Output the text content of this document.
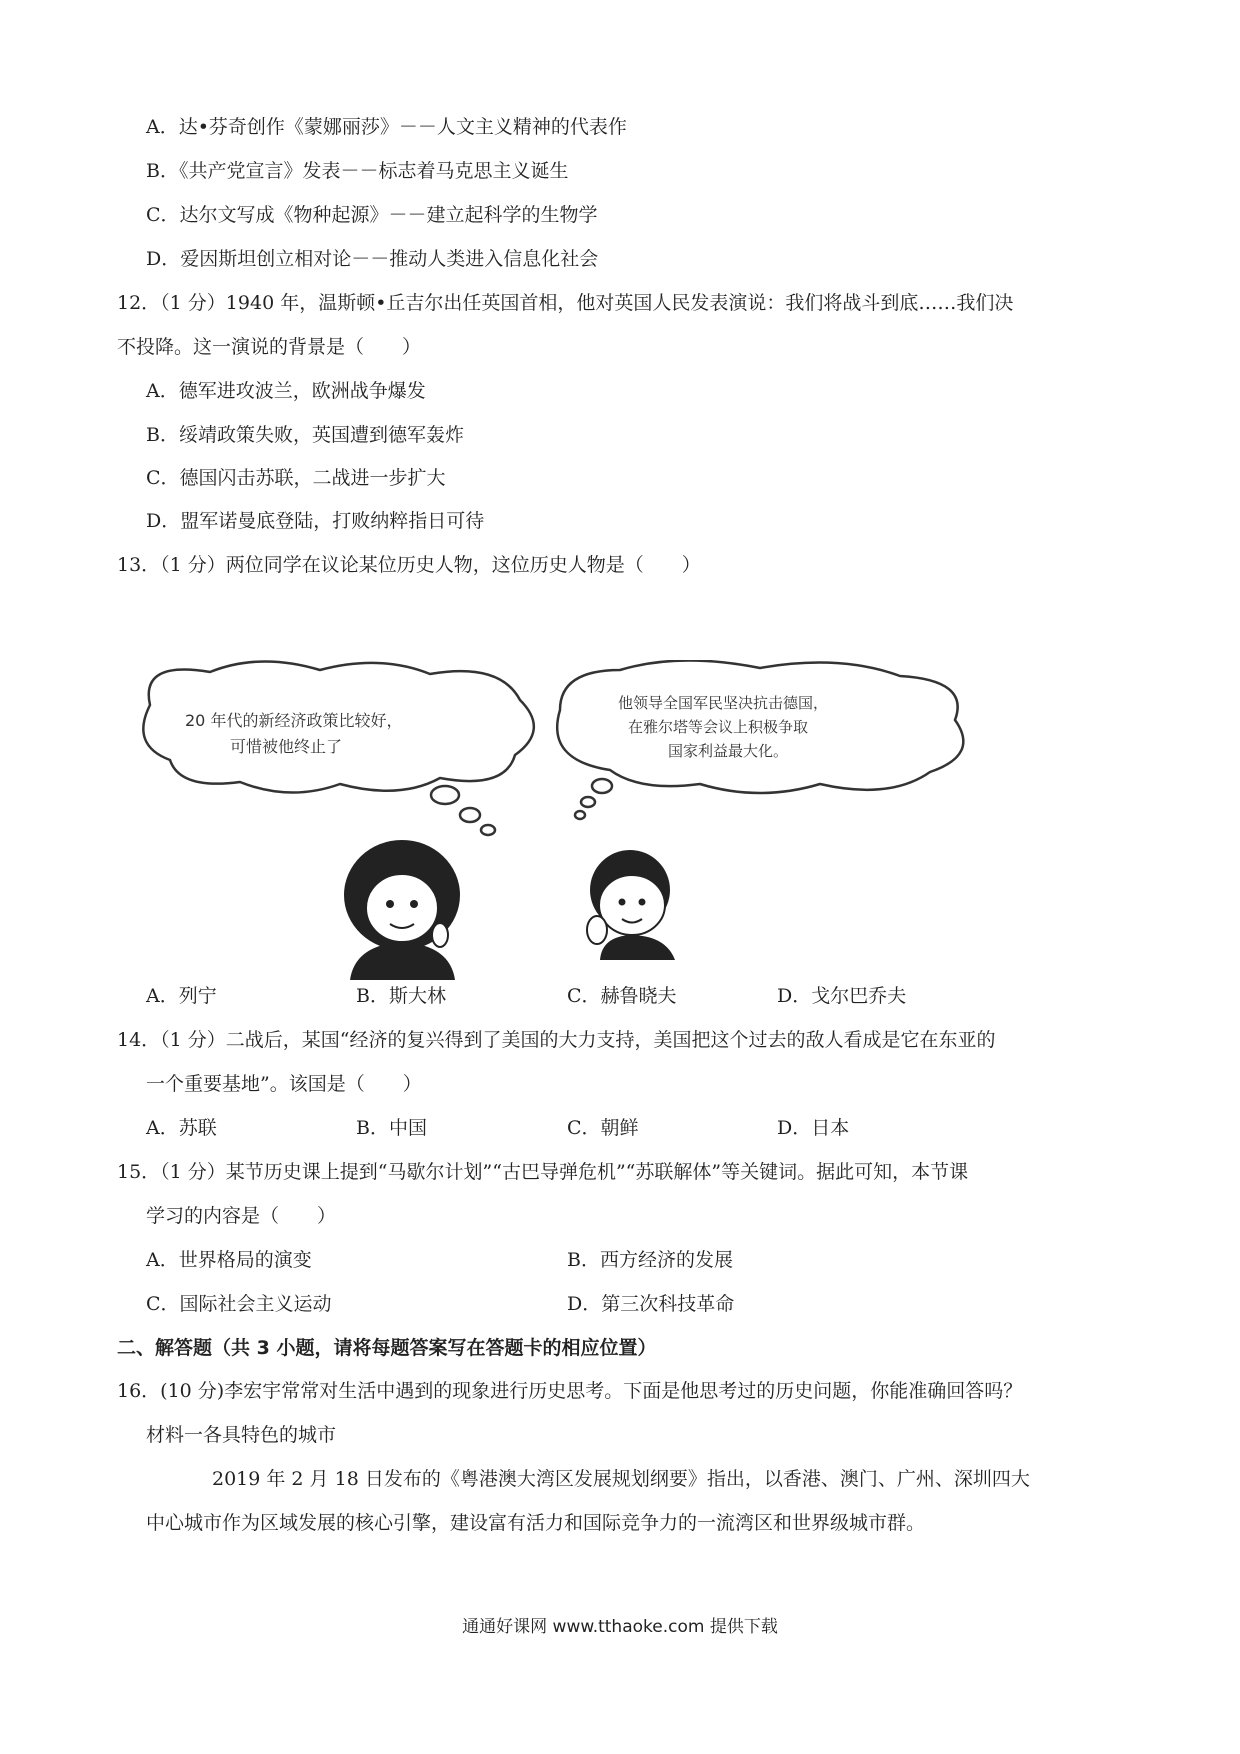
A．达•芬奇创作《蒙娜丽莎》－－人文主义精神的代表作
B．《共产党宣言》发表－－标志着马克思主义诞生
C．达尔文写成《物种起源》－－建立起科学的生物学
D．爱因斯坦创立相对论－－推动人类进入信息化社会
12．（1 分）1940 年，温斯顿•丘吉尔出任英国首相，他对英国人民发表演说：我们将战斗到底……我们决
不投降。这一演说的背景是（　　）
A．德军进攻波兰，欧洲战争爆发
B．绥靖政策失败，英国遭到德军轰炸
C．德国闪击苏联，二战进一步扩大
D．盟军诺曼底登陆，打败纳粹指日可待
13．（1 分）两位同学在议论某位历史人物，这位历史人物是（　　）
20 年代的新经济政策比较好，
可惜被他终止了
他领导全国军民坚决抗击德国，
在雅尔塔等会议上积极争取
国家利益最大化。
A．列宁	B．斯大林	C．赫鲁晓夫	D．戈尔巴乔夫
14．（1 分）二战后，某国“经济的复兴得到了美国的大力支持，美国把这个过去的敌人看成是它在东亚的
一个重要基地”。该国是（　　）
A．苏联	B．中国	C．朝鲜	D．日本
15．（1 分）某节历史课上提到“马歇尔计划”“古巴导弹危机”“苏联解体”等关键词。据此可知，本节课
学习的内容是（　　）
A．世界格局的演变	B．西方经济的发展
C．国际社会主义运动	D．第三次科技革命
二、解答题（共 3 小题，请将每题答案写在答题卡的相应位置）
16．(10 分)李宏宇常常对生活中遇到的现象进行历史思考。下面是他思考过的历史问题，你能准确回答吗？
材料一各具特色的城市
2019 年 2 月 18 日发布的《粤港澳大湾区发展规划纲要》指出，以香港、澳门、广州、深圳四大
中心城市作为区域发展的核心引擎，建设富有活力和国际竞争力的一流湾区和世界级城市群。
通通好课网 www.tthaoke.com 提供下载
